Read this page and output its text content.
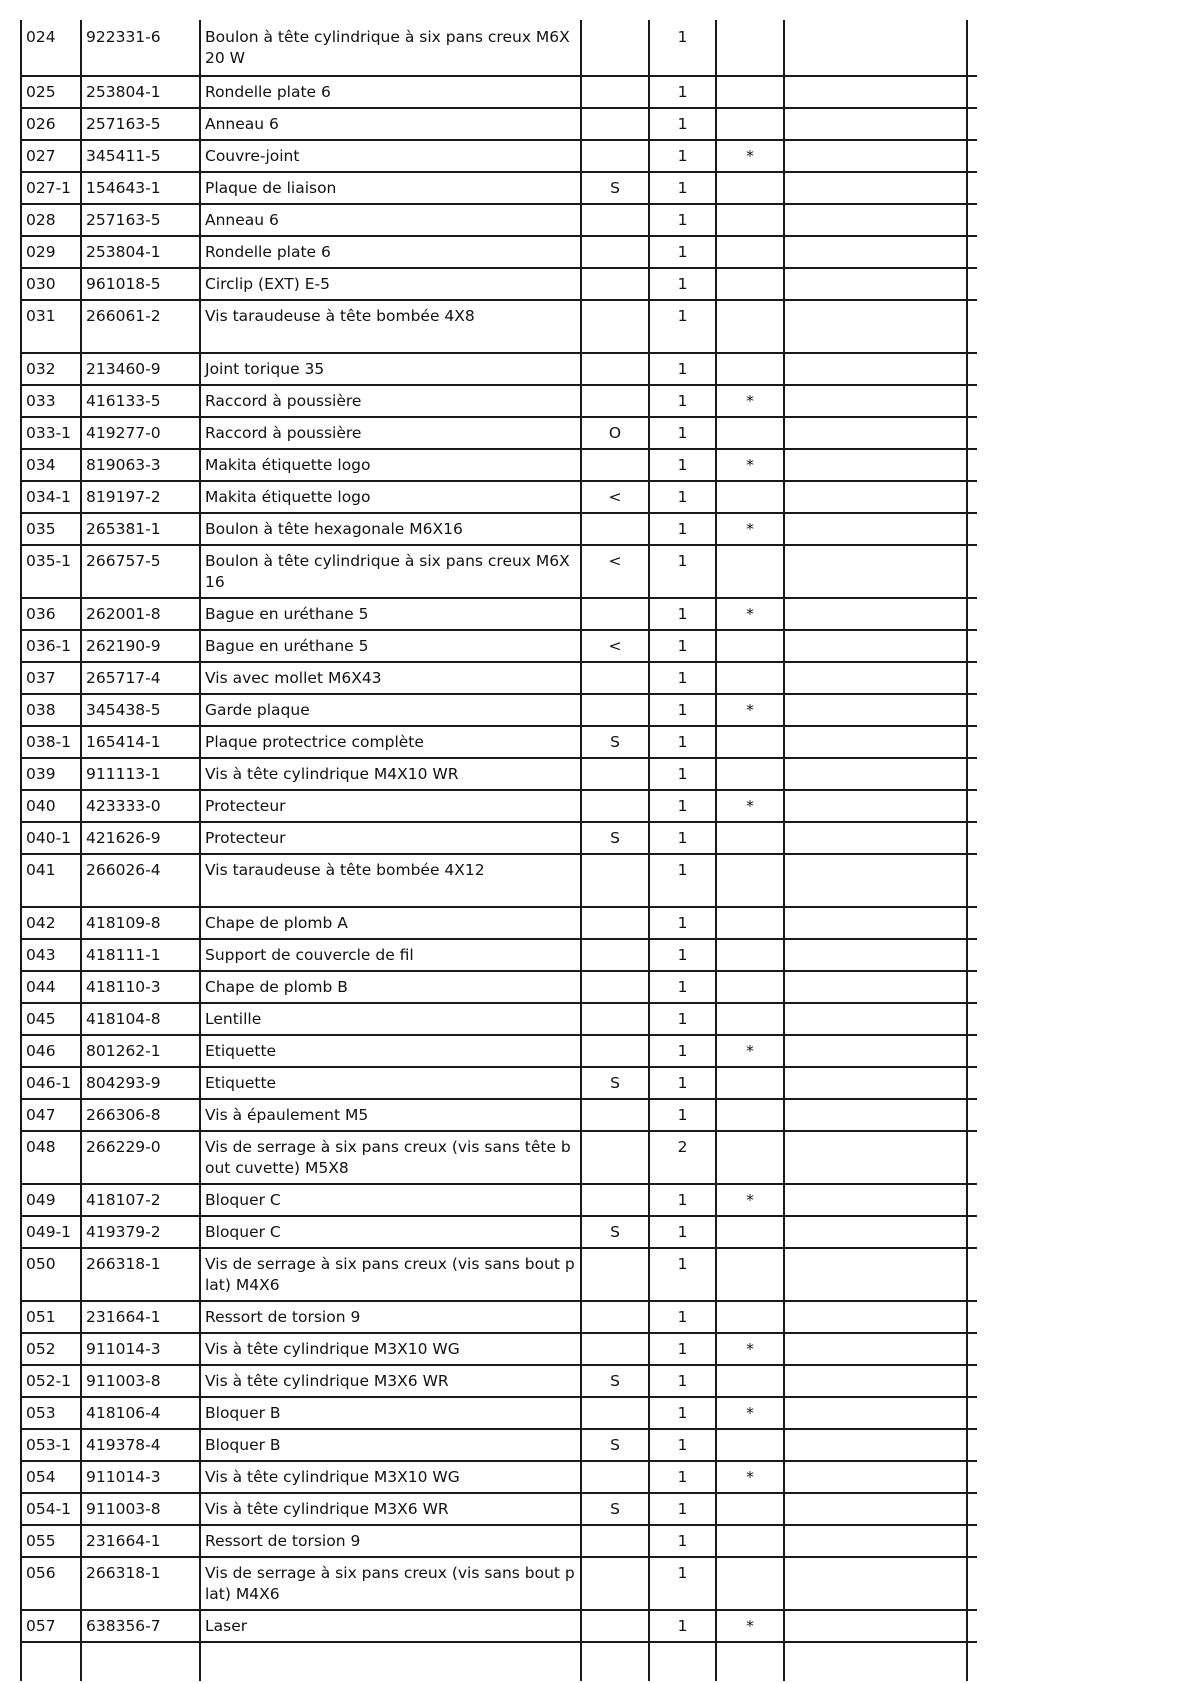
024	922331-6	Boulon à tête cylindrique à six pans creux M6X20 W		1			
025	253804-1	Rondelle plate 6		1			
026	257163-5	Anneau 6		1			
027	345411-5	Couvre-joint		1	*		
027-1	154643-1	Plaque de liaison	S	1			
028	257163-5	Anneau 6		1			
029	253804-1	Rondelle plate 6		1			
030	961018-5	Circlip (EXT) E-5		1			
031	266061-2	Vis taraudeuse à tête bombée 4X8		1			
032	213460-9	Joint torique 35		1			
033	416133-5	Raccord à poussière		1	*		
033-1	419277-0	Raccord à poussière	O	1			
034	819063-3	Makita étiquette logo		1	*		
034-1	819197-2	Makita étiquette logo	<	1			
035	265381-1	Boulon à tête hexagonale M6X16		1	*		
035-1	266757-5	Boulon à tête cylindrique à six pans creux M6X16	<	1			
036	262001-8	Bague en uréthane 5		1	*		
036-1	262190-9	Bague en uréthane 5	<	1			
037	265717-4	Vis avec mollet M6X43		1			
038	345438-5	Garde plaque		1	*		
038-1	165414-1	Plaque protectrice complète	S	1			
039	911113-1	Vis à tête cylindrique M4X10 WR		1			
040	423333-0	Protecteur		1	*		
040-1	421626-9	Protecteur	S	1			
041	266026-4	Vis taraudeuse à tête bombée 4X12		1			
042	418109-8	Chape de plomb A		1			
043	418111-1	Support de couvercle de fil		1			
044	418110-3	Chape de plomb B		1			
045	418104-8	Lentille		1			
046	801262-1	Etiquette		1	*		
046-1	804293-9	Etiquette	S	1			
047	266306-8	Vis à épaulement M5		1			
048	266229-0	Vis de serrage à six pans creux (vis sans tête bout cuvette) M5X8		2			
049	418107-2	Bloquer C		1	*		
049-1	419379-2	Bloquer C	S	1			
050	266318-1	Vis de serrage à six pans creux (vis sans bout plat) M4X6		1			
051	231664-1	Ressort de torsion 9		1			
052	911014-3	Vis à tête cylindrique M3X10 WG		1	*		
052-1	911003-8	Vis à tête cylindrique M3X6 WR	S	1			
053	418106-4	Bloquer B		1	*		
053-1	419378-4	Bloquer B	S	1			
054	911014-3	Vis à tête cylindrique M3X10 WG		1	*		
054-1	911003-8	Vis à tête cylindrique M3X6 WR	S	1			
055	231664-1	Ressort de torsion 9		1			
056	266318-1	Vis de serrage à six pans creux (vis sans bout plat) M4X6		1			
057	638356-7	Laser		1	*		
